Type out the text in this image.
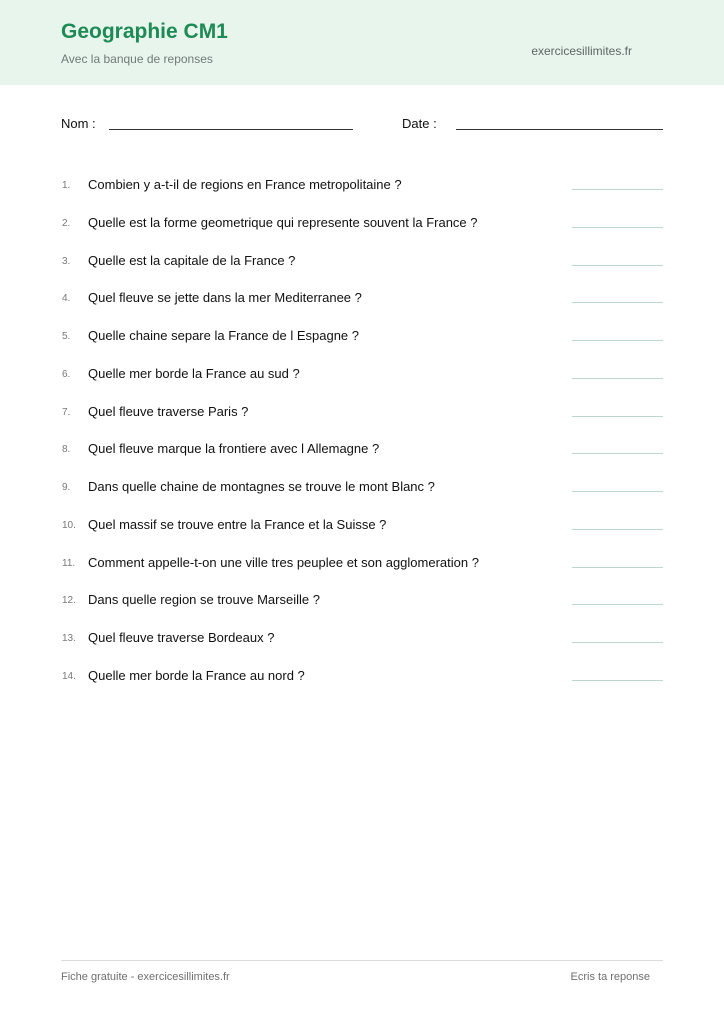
Geographie CM1
Avec la banque de reponses
exercicesillimites.fr
Nom :	Date :
1. Combien y a-t-il de regions en France metropolitaine ?
2. Quelle est la forme geometrique qui represente souvent la France ?
3. Quelle est la capitale de la France ?
4. Quel fleuve se jette dans la mer Mediterranee ?
5. Quelle chaine separe la France de l Espagne ?
6. Quelle mer borde la France au sud ?
7. Quel fleuve traverse Paris ?
8. Quel fleuve marque la frontiere avec l Allemagne ?
9. Dans quelle chaine de montagnes se trouve le mont Blanc ?
10. Quel massif se trouve entre la France et la Suisse ?
11. Comment appelle-t-on une ville tres peuplee et son agglomeration ?
12. Dans quelle region se trouve Marseille ?
13. Quel fleuve traverse Bordeaux ?
14. Quelle mer borde la France au nord ?
Fiche gratuite - exercicesillimites.fr	Ecris ta reponse
